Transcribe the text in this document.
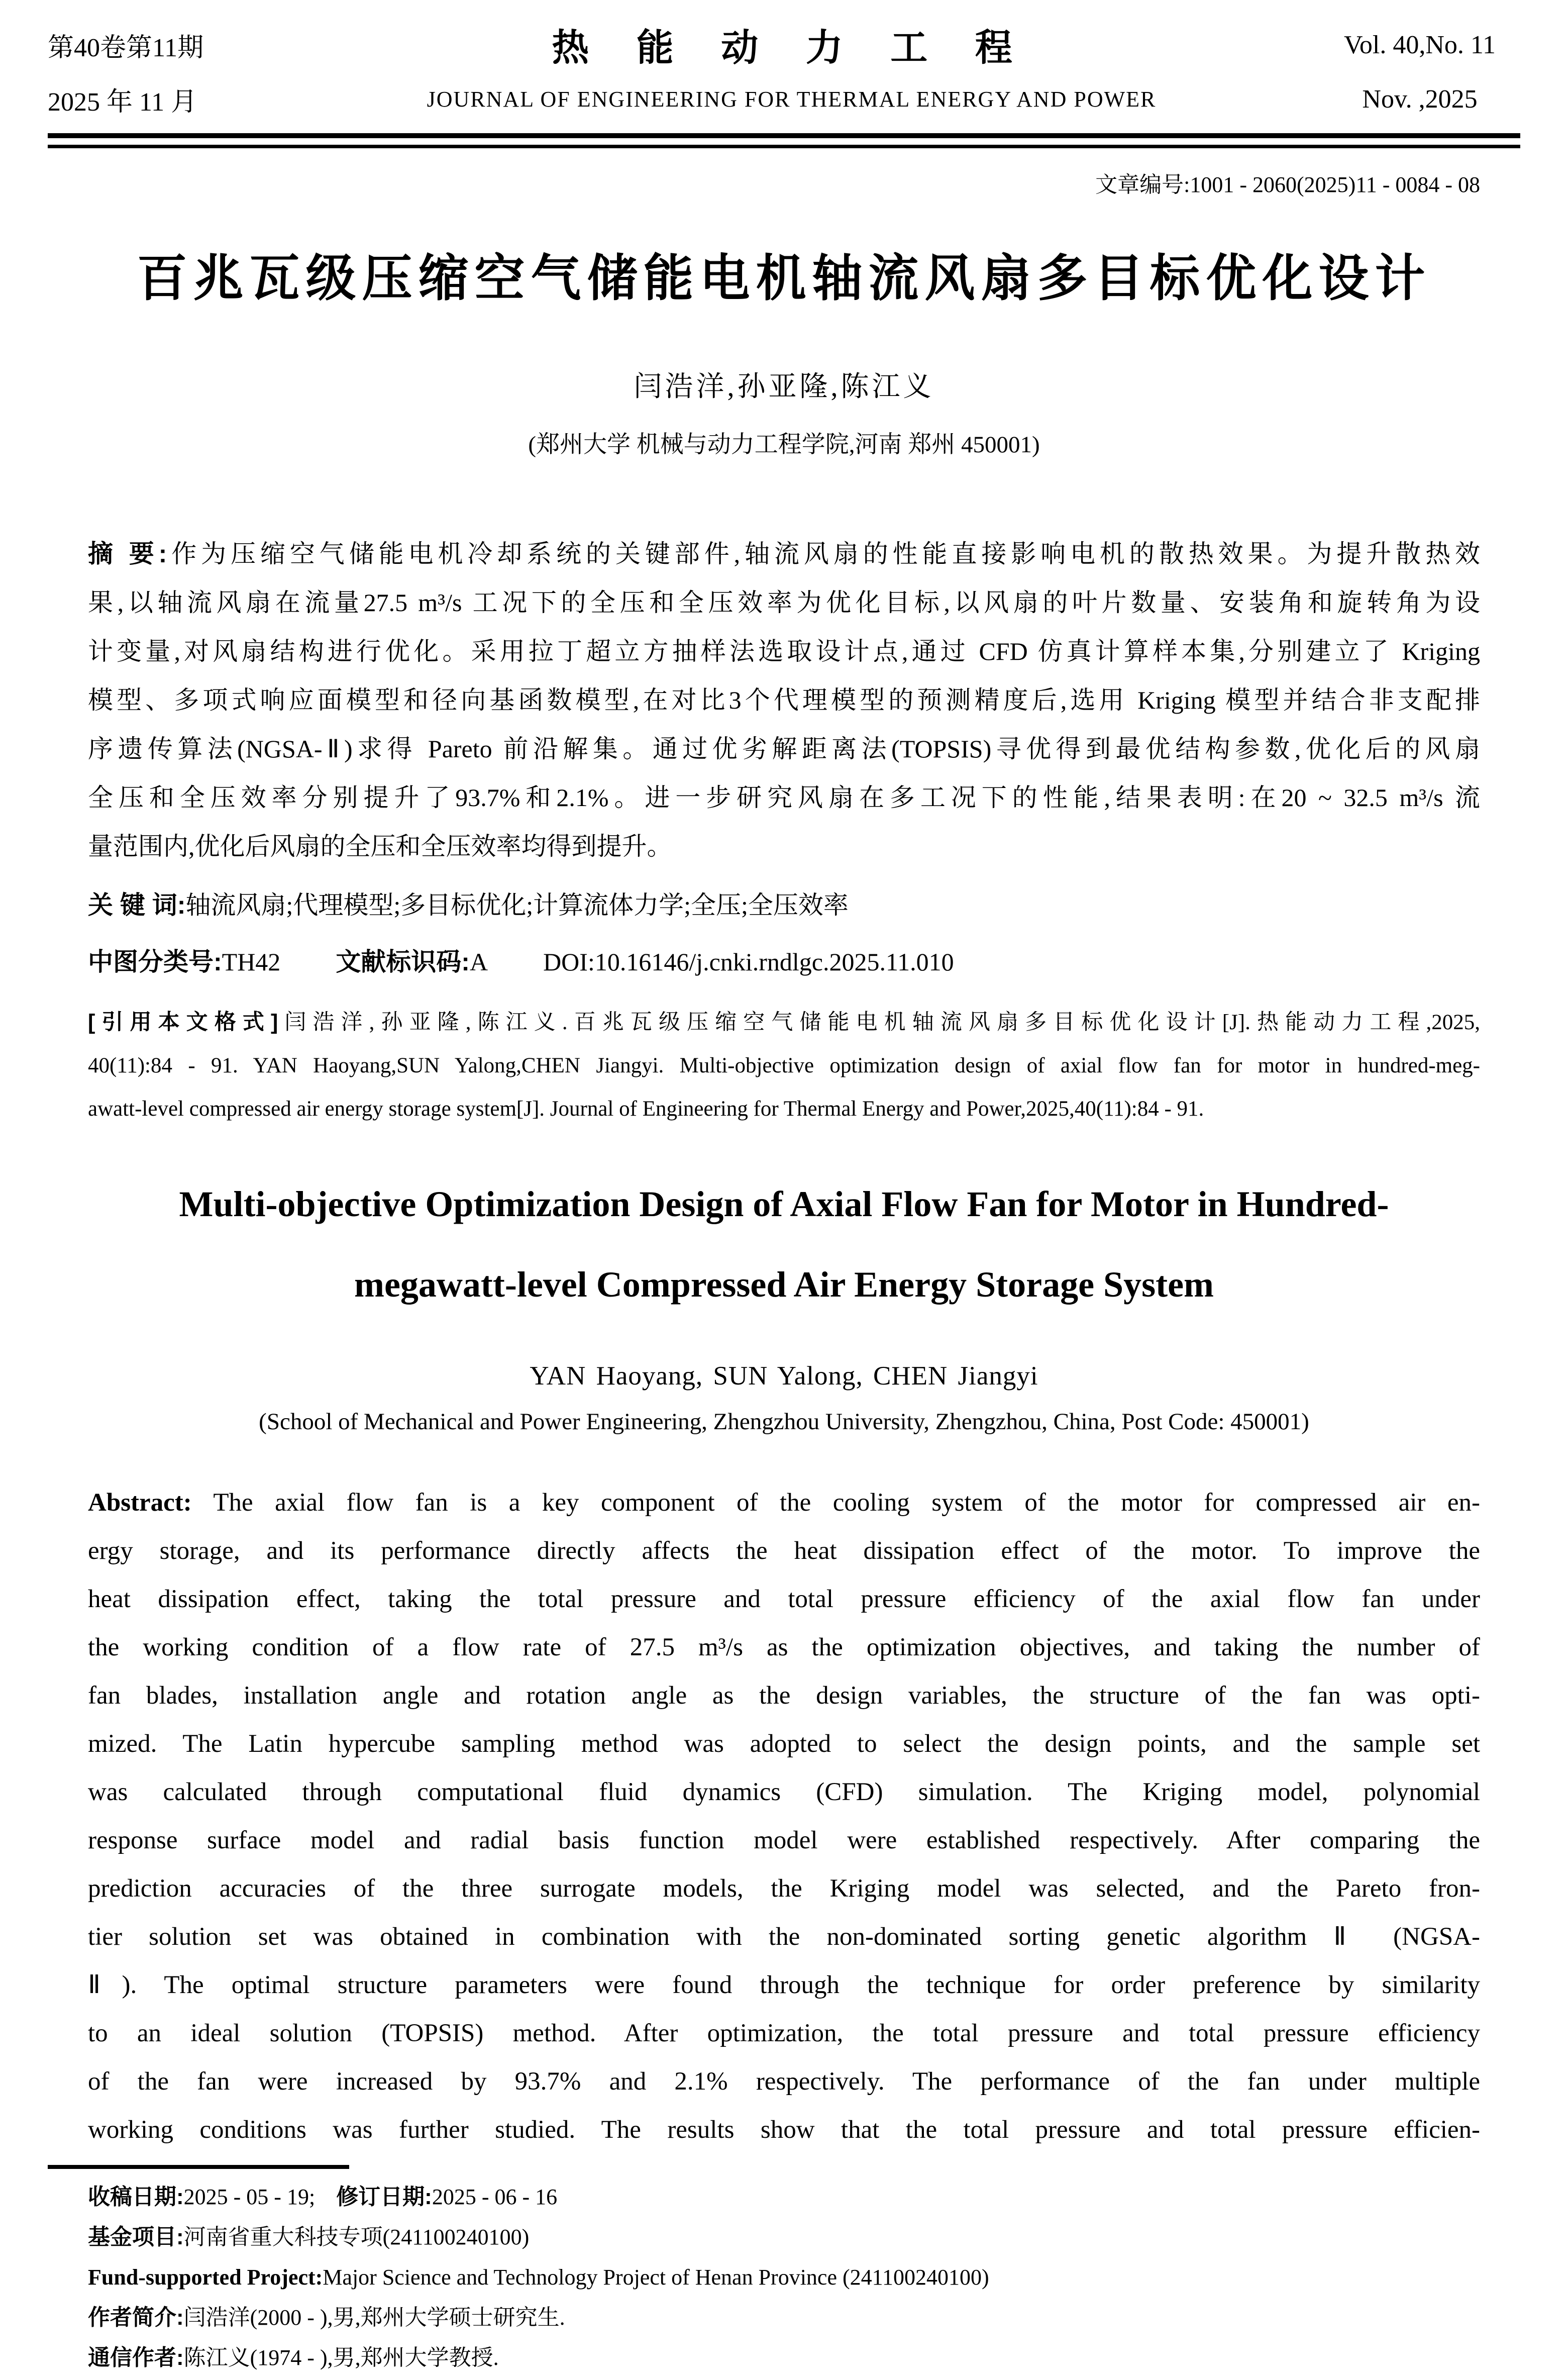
第40卷第11期	热 能 动 力 工 程	Vol. 40,No. 11
2025 年 11 月	JOURNAL OF ENGINEERING FOR THERMAL ENERGY AND POWER	Nov. ,2025
文章编号:1001 - 2060(2025)11 - 0084 - 08
百兆瓦级压缩空气储能电机轴流风扇多目标优化设计
闫浩洋,孙亚隆,陈江义
(郑州大学 机械与动力工程学院,河南 郑州 450001)
摘 要:作为压缩空气储能电机冷却系统的关键部件,轴流风扇的性能直接影响电机的散热效果。为提升散热效
果,以轴流风扇在流量27.5 m³/s 工况下的全压和全压效率为优化目标,以风扇的叶片数量、安装角和旋转角为设
计变量,对风扇结构进行优化。采用拉丁超立方抽样法选取设计点,通过 CFD 仿真计算样本集,分别建立了 Kriging
模型、多项式响应面模型和径向基函数模型,在对比3个代理模型的预测精度后,选用 Kriging 模型并结合非支配排
序遗传算法(NGSA-Ⅱ)求得 Pareto 前沿解集。通过优劣解距离法(TOPSIS)寻优得到最优结构参数,优化后的风扇
全压和全压效率分别提升了93.7%和2.1%。进一步研究风扇在多工况下的性能,结果表明:在20 ~ 32.5 m³/s 流
量范围内,优化后风扇的全压和全压效率均得到提升。
关 键 词:轴流风扇;代理模型;多目标优化;计算流体力学;全压;全压效率
中图分类号:TH42 文献标识码:A DOI:10.16146/j.cnki.rndlgc.2025.11.010
[引用本文格式]闫浩洋,孙亚隆,陈江义.百兆瓦级压缩空气储能电机轴流风扇多目标优化设计[J].热能动力工程,2025,
40(11):84 - 91. YAN Haoyang,SUN Yalong,CHEN Jiangyi. Multi-objective optimization design of axial flow fan for motor in hundred-meg-
awatt-level compressed air energy storage system[J]. Journal of Engineering for Thermal Energy and Power,2025,40(11):84 - 91.
Multi-objective Optimization Design of Axial Flow Fan for Motor in Hundred-
megawatt-level Compressed Air Energy Storage System
YAN Haoyang, SUN Yalong, CHEN Jiangyi
(School of Mechanical and Power Engineering, Zhengzhou University, Zhengzhou, China, Post Code: 450001)
Abstract: The axial flow fan is a key component of the cooling system of the motor for compressed air en-
ergy storage, and its performance directly affects the heat dissipation effect of the motor. To improve the
heat dissipation effect, taking the total pressure and total pressure efficiency of the axial flow fan under
the working condition of a flow rate of 27.5 m³/s as the optimization objectives, and taking the number of
fan blades, installation angle and rotation angle as the design variables, the structure of the fan was opti-
mized. The Latin hypercube sampling method was adopted to select the design points, and the sample set
was calculated through computational fluid dynamics (CFD) simulation. The Kriging model, polynomial
response surface model and radial basis function model were established respectively. After comparing the
prediction accuracies of the three surrogate models, the Kriging model was selected, and the Pareto fron-
tier solution set was obtained in combination with the non-dominated sorting genetic algorithm Ⅱ (NGSA-
Ⅱ). The optimal structure parameters were found through the technique for order preference by similarity
to an ideal solution (TOPSIS) method. After optimization, the total pressure and total pressure efficiency
of the fan were increased by 93.7% and 2.1% respectively. The performance of the fan under multiple
working conditions was further studied. The results show that the total pressure and total pressure efficien-
收稿日期:2025 - 05 - 19; 修订日期:2025 - 06 - 16
基金项目:河南省重大科技专项(241100240100)
Fund-supported Project:Major Science and Technology Project of Henan Province (241100240100)
作者简介:闫浩洋(2000 - ),男,郑州大学硕士研究生.
通信作者:陈江义(1974 - ),男,郑州大学教授.
